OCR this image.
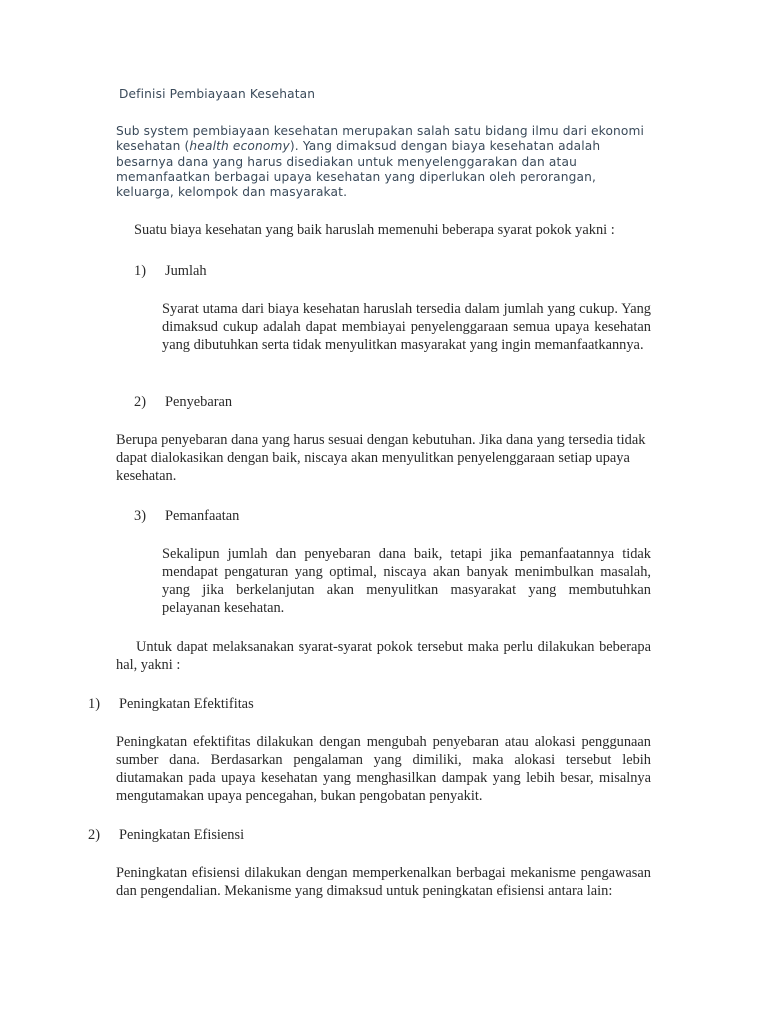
Definisi Pembiayaan Kesehatan

Sub system pembiayaan kesehatan merupakan salah satu bidang ilmu dari ekonomi kesehatan (health economy). Yang dimaksud dengan biaya kesehatan adalah besarnya dana yang harus disediakan untuk menyelenggarakan dan atau memanfaatkan berbagai upaya kesehatan yang diperlukan oleh perorangan, keluarga, kelompok dan masyarakat.

Suatu biaya kesehatan yang baik haruslah memenuhi beberapa syarat pokok yakni :

1) Jumlah

Syarat utama dari biaya kesehatan haruslah tersedia dalam jumlah yang cukup. Yang dimaksud cukup adalah dapat membiayai penyelenggaraan semua upaya kesehatan yang dibutuhkan serta tidak menyulitkan masyarakat yang ingin memanfaatkannya.

2) Penyebaran

Berupa penyebaran dana yang harus sesuai dengan kebutuhan. Jika dana yang tersedia tidak dapat dialokasikan dengan baik, niscaya akan menyulitkan penyelenggaraan setiap upaya kesehatan.

3) Pemanfaatan

Sekalipun jumlah dan penyebaran dana baik, tetapi jika pemanfaatannya tidak mendapat pengaturan yang optimal, niscaya akan banyak menimbulkan masalah, yang jika berkelanjutan akan menyulitkan masyarakat yang membutuhkan pelayanan kesehatan.

Untuk dapat melaksanakan syarat-syarat pokok tersebut maka perlu dilakukan beberapa hal, yakni :

1) Peningkatan Efektifitas

Peningkatan efektifitas dilakukan dengan mengubah penyebaran atau alokasi penggunaan sumber dana. Berdasarkan pengalaman yang dimiliki, maka alokasi tersebut lebih diutamakan pada upaya kesehatan yang menghasilkan dampak yang lebih besar, misalnya mengutamakan upaya pencegahan, bukan pengobatan penyakit.

2) Peningkatan Efisiensi

Peningkatan efisiensi dilakukan dengan memperkenalkan berbagai mekanisme pengawasan dan pengendalian. Mekanisme yang dimaksud untuk peningkatan efisiensi antara lain:
